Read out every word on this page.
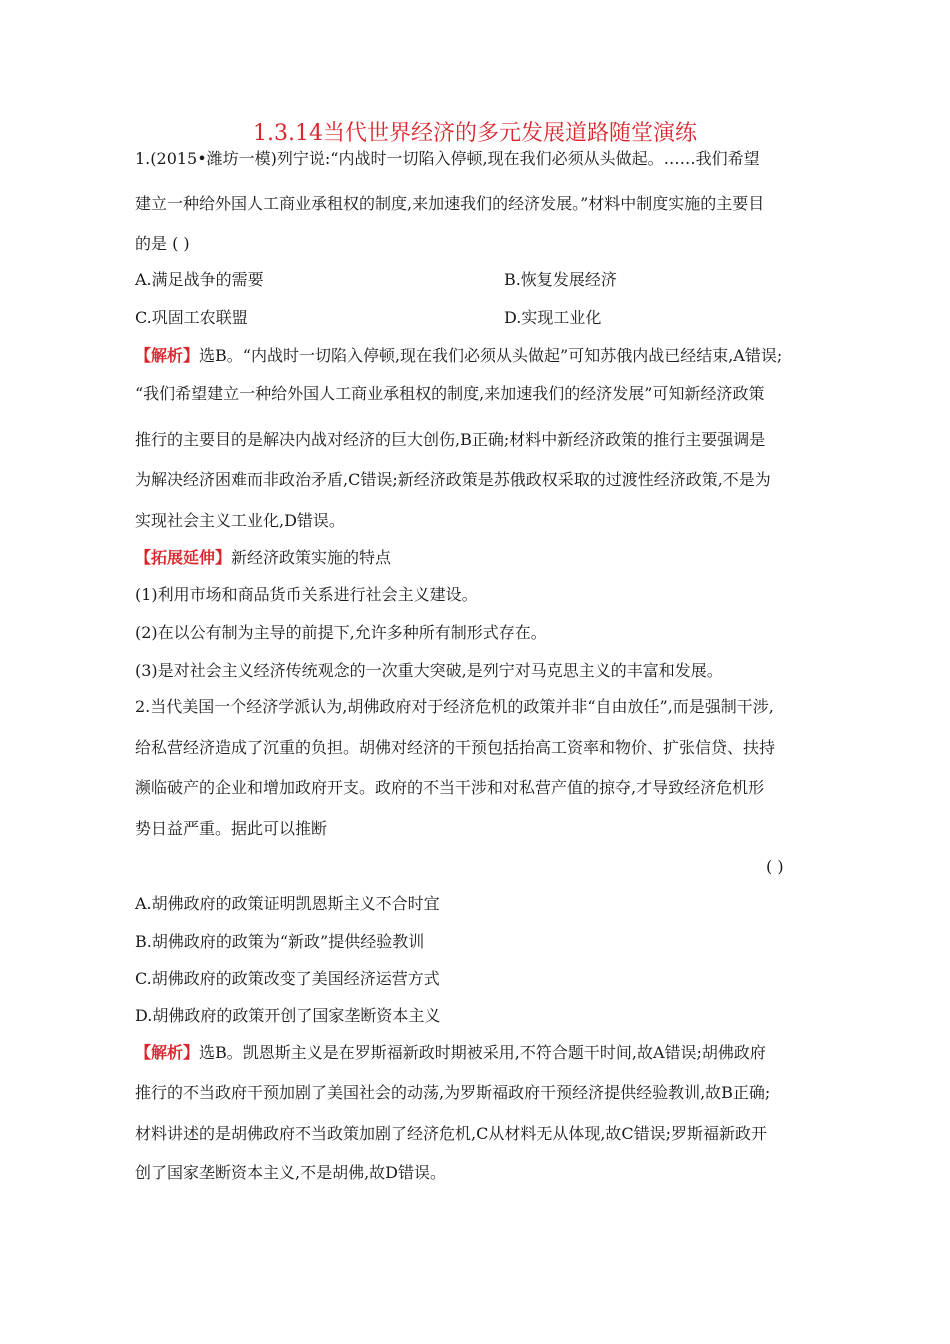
1.3.14当代世界经济的多元发展道路随堂演练
1.(2015•潍坊一模)列宁说:“内战时一切陷入停顿,现在我们必须从头做起。……我们希望
建立一种给外国人工商业承租权的制度,来加速我们的经济发展。”材料中制度实施的主要目
的是 ( )
A.满足战争的需要	B.恢复发展经济
C.巩固工农联盟	D.实现工业化
【解析】选B。“内战时一切陷入停顿,现在我们必须从头做起”可知苏俄内战已经结束,A错误;
“我们希望建立一种给外国人工商业承租权的制度,来加速我们的经济发展”可知新经济政策
推行的主要目的是解决内战对经济的巨大创伤,B正确;材料中新经济政策的推行主要强调是
为解决经济困难而非政治矛盾,C错误;新经济政策是苏俄政权采取的过渡性经济政策,不是为
实现社会主义工业化,D错误。
【拓展延伸】新经济政策实施的特点
(1)利用市场和商品货币关系进行社会主义建设。
(2)在以公有制为主导的前提下,允许多种所有制形式存在。
(3)是对社会主义经济传统观念的一次重大突破,是列宁对马克思主义的丰富和发展。
2.当代美国一个经济学派认为,胡佛政府对于经济危机的政策并非“自由放任”,而是强制干涉,
给私营经济造成了沉重的负担。胡佛对经济的干预包括抬高工资率和物价、扩张信贷、扶持
濒临破产的企业和增加政府开支。政府的不当干涉和对私营产值的掠夺,才导致经济危机形
势日益严重。据此可以推断
( )
A.胡佛政府的政策证明凯恩斯主义不合时宜
B.胡佛政府的政策为“新政”提供经验教训
C.胡佛政府的政策改变了美国经济运营方式
D.胡佛政府的政策开创了国家垄断资本主义
【解析】选B。凯恩斯主义是在罗斯福新政时期被采用,不符合题干时间,故A错误;胡佛政府
推行的不当政府干预加剧了美国社会的动荡,为罗斯福政府干预经济提供经验教训,故B正确;
材料讲述的是胡佛政府不当政策加剧了经济危机,C从材料无从体现,故C错误;罗斯福新政开
创了国家垄断资本主义,不是胡佛,故D错误。
